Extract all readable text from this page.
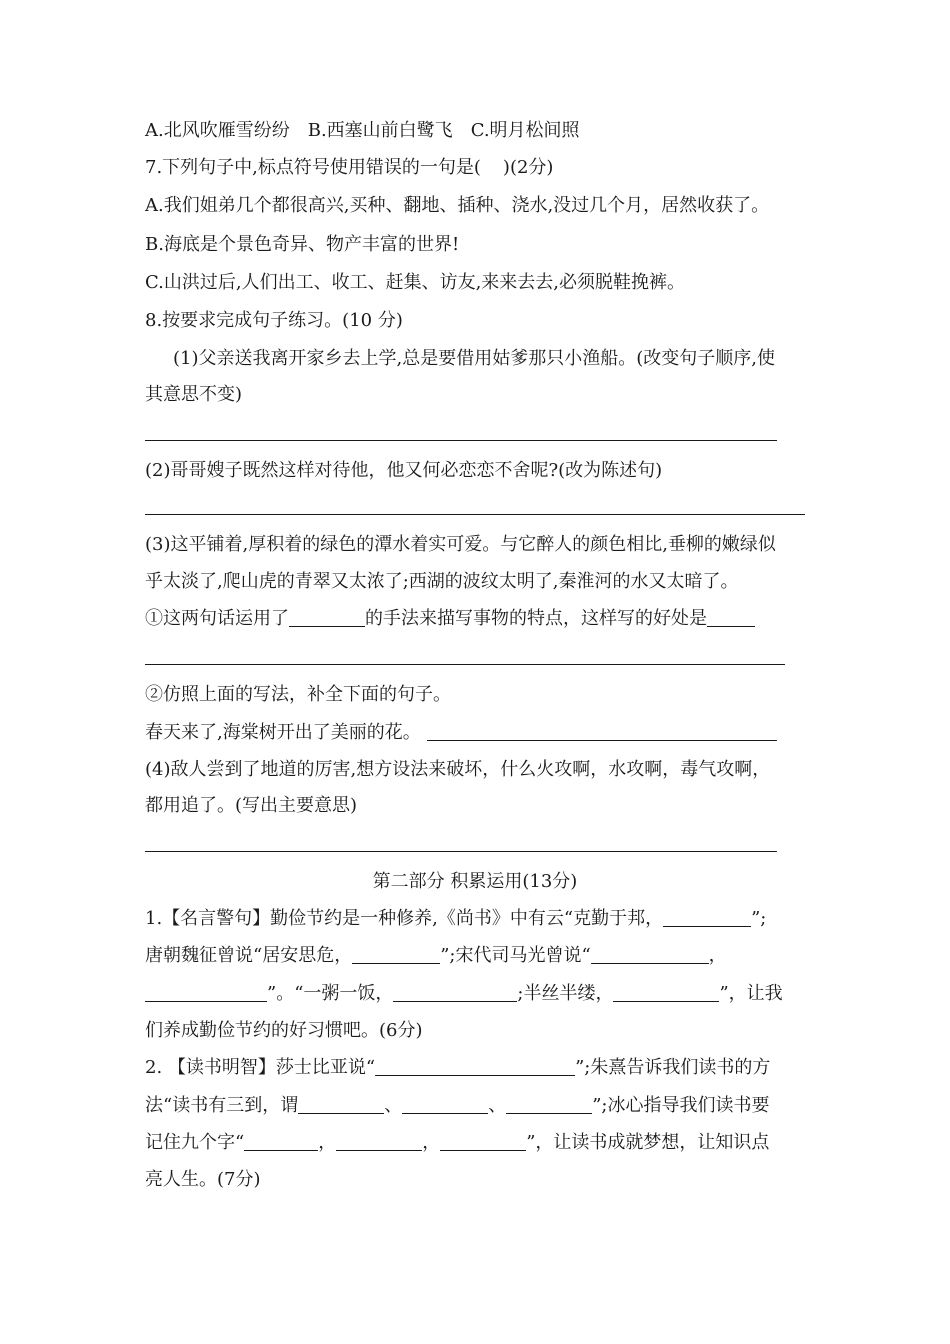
A.北风吹雁雪纷纷 B.西塞山前白鹭飞 C.明月松间照
7.下列句子中,标点符号使用错误的一句是( )(2分)
A.我们姐弟几个都很高兴,买种、翻地、插种、浇水,没过几个月，居然收获了。
B.海底是个景色奇异、物产丰富的世界!
C.山洪过后,人们出工、收工、赶集、访友,来来去去,必须脱鞋挽裤。
8.按要求完成句子练习。(10 分)
(1)父亲送我离开家乡去上学,总是要借用姑爹那只小渔船。(改变句子顺序,使
其意思不变)
(2)哥哥嫂子既然这样对待他，他又何必恋恋不舍呢?(改为陈述句)
(3)这平铺着,厚积着的绿色的潭水着实可爱。与它醉人的颜色相比,垂柳的嫩绿似
乎太淡了,爬山虎的青翠又太浓了;西湖的波纹太明了,秦淮河的水又太暗了。
①这两句话运用了	的手法来描写事物的特点，这样写的好处是
②仿照上面的写法，补全下面的句子。
春天来了,海棠树开出了美丽的花。
(4)敌人尝到了地道的厉害,想方设法来破坏，什么火攻啊，水攻啊，毒气攻啊，
都用追了。(写出主要意思)
第二部分 积累运用(13分)
1.【名言警句】勤俭节约是一种修养,《尚书》中有云“克勤于邦，	”;
唐朝魏征曾说“居安思危，	”;宋代司马光曾说“	，
”。“一粥一饭，	;半丝半缕，	”，让我
们养成勤俭节约的好习惯吧。(6分)
2. 【读书明智】莎士比亚说“	”;朱熹告诉我们读书的方
法“读书有三到，谓	、	、	”;冰心指导我们读书要
记住九个字“	，	，	”，让读书成就梦想，让知识点
亮人生。(7分)
